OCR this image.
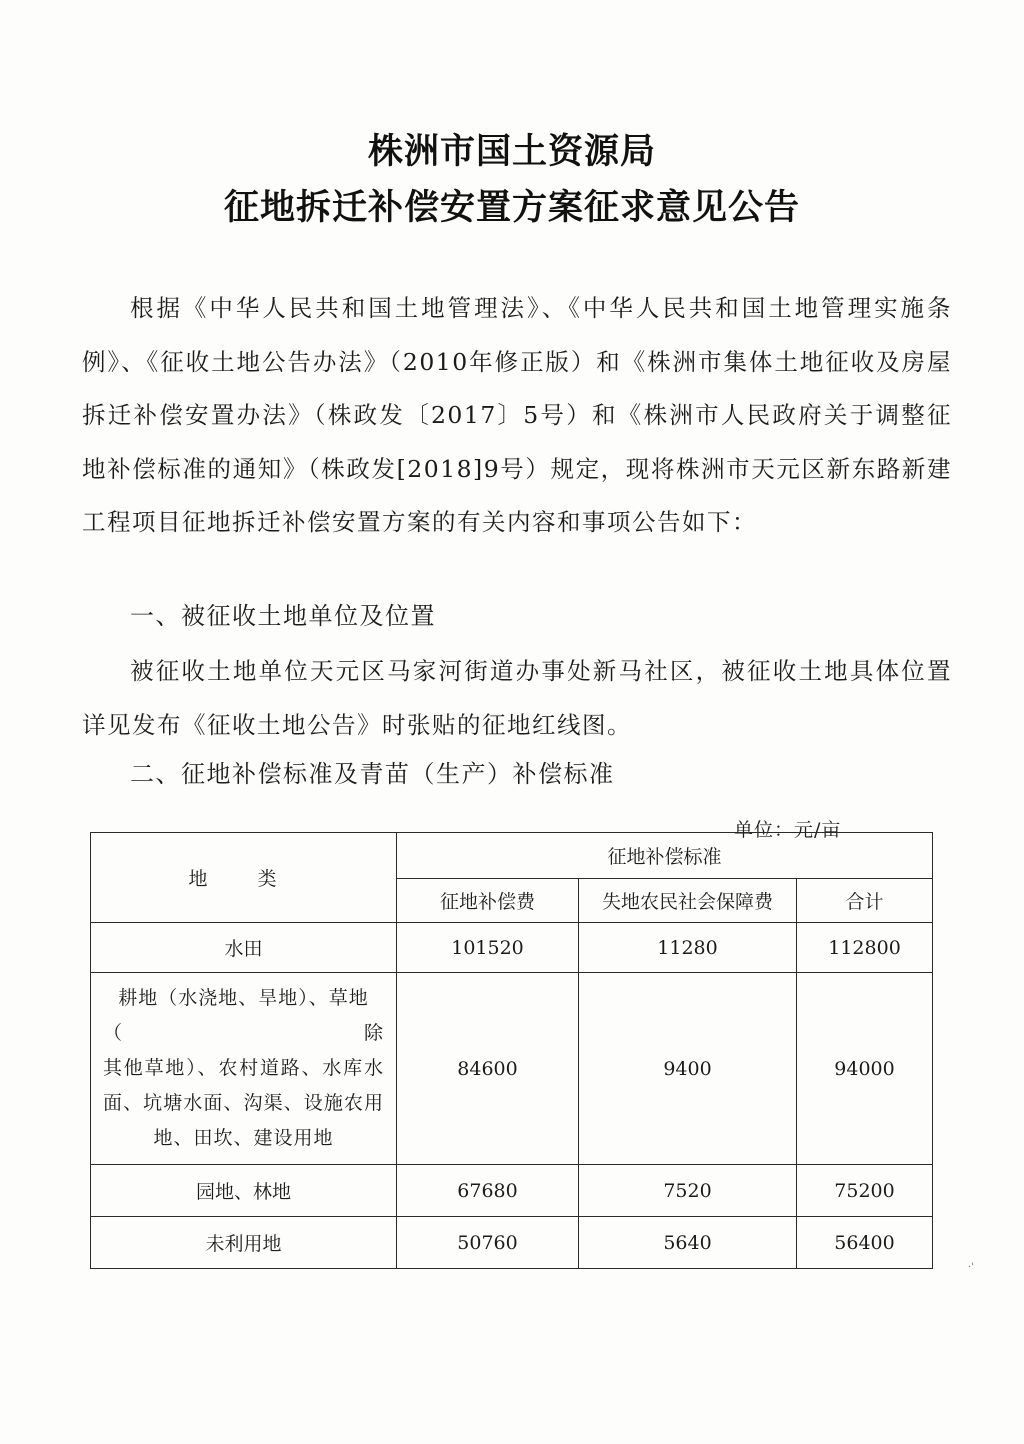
株洲市国土资源局
征地拆迁补偿安置方案征求意见公告
根据《中华人民共和国土地管理法》、《中华人民共和国土地管理实施条例》、《征收土地公告办法》（2010年修正版）和《株洲市集体土地征收及房屋拆迁补偿安置办法》（株政发〔2017〕5号）和《株洲市人民政府关于调整征地补偿标准的通知》（株政发[2018]9号）规定，现将株洲市天元区新东路新建工程项目征地拆迁补偿安置方案的有关内容和事项公告如下：
一、被征收土地单位及位置
被征收土地单位天元区马家河街道办事处新马社区，被征收土地具体位置详见发布《征收土地公告》时张贴的征地红线图。
二、征地补偿标准及青苗（生产）补偿标准
单位：元/亩
地 类	征地补偿标准		
	征地补偿费	失地农民社会保障费	合计
水田	101520	11280	112800

耕地（水浇地、旱地）、草地（除
其他草地）、农村道路、水库水
面、坑塘水面、沟渠、设施农用
地、田坎、建设用地	84600	9400	94000
园地、林地	67680	7520	75200
未利用地	50760	5640	56400
·'
